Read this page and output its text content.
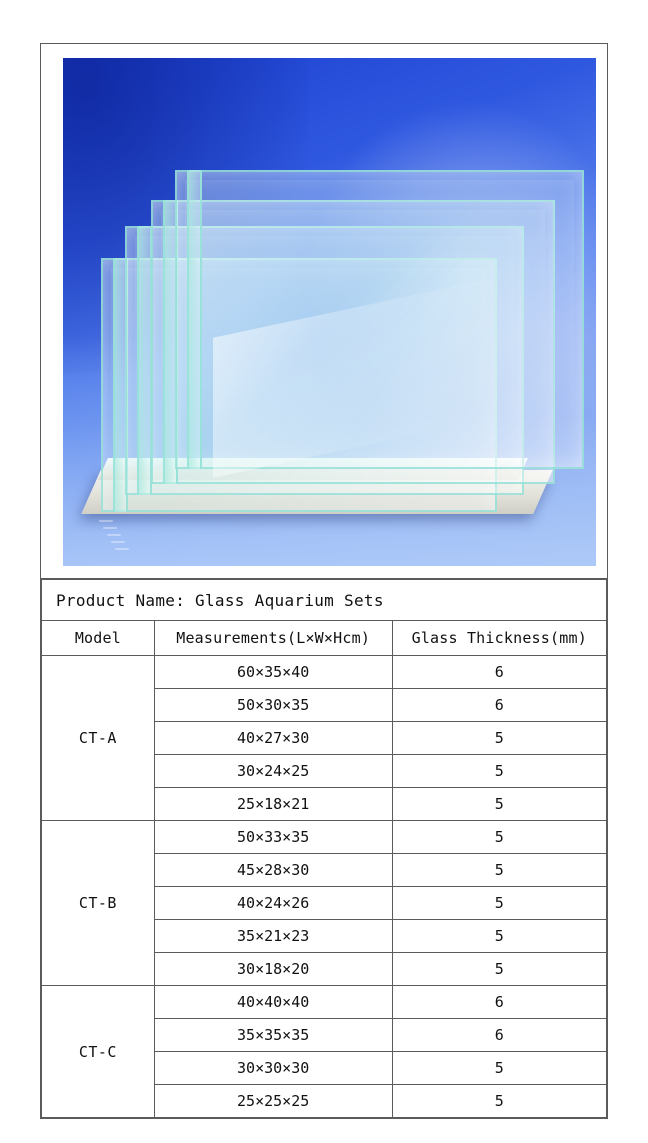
Product Name: Glass Aquarium Sets		
Model	Measurements(L×W×Hcm)	Glass Thickness(mm)
CT-A	60×35×40	6
	50×30×35	6
	40×27×30	5
	30×24×25	5
	25×18×21	5
CT-B	50×33×35	5
	45×28×30	5
	40×24×26	5
	35×21×23	5
	30×18×20	5
CT-C	40×40×40	6
	35×35×35	6
	30×30×30	5
	25×25×25	5
